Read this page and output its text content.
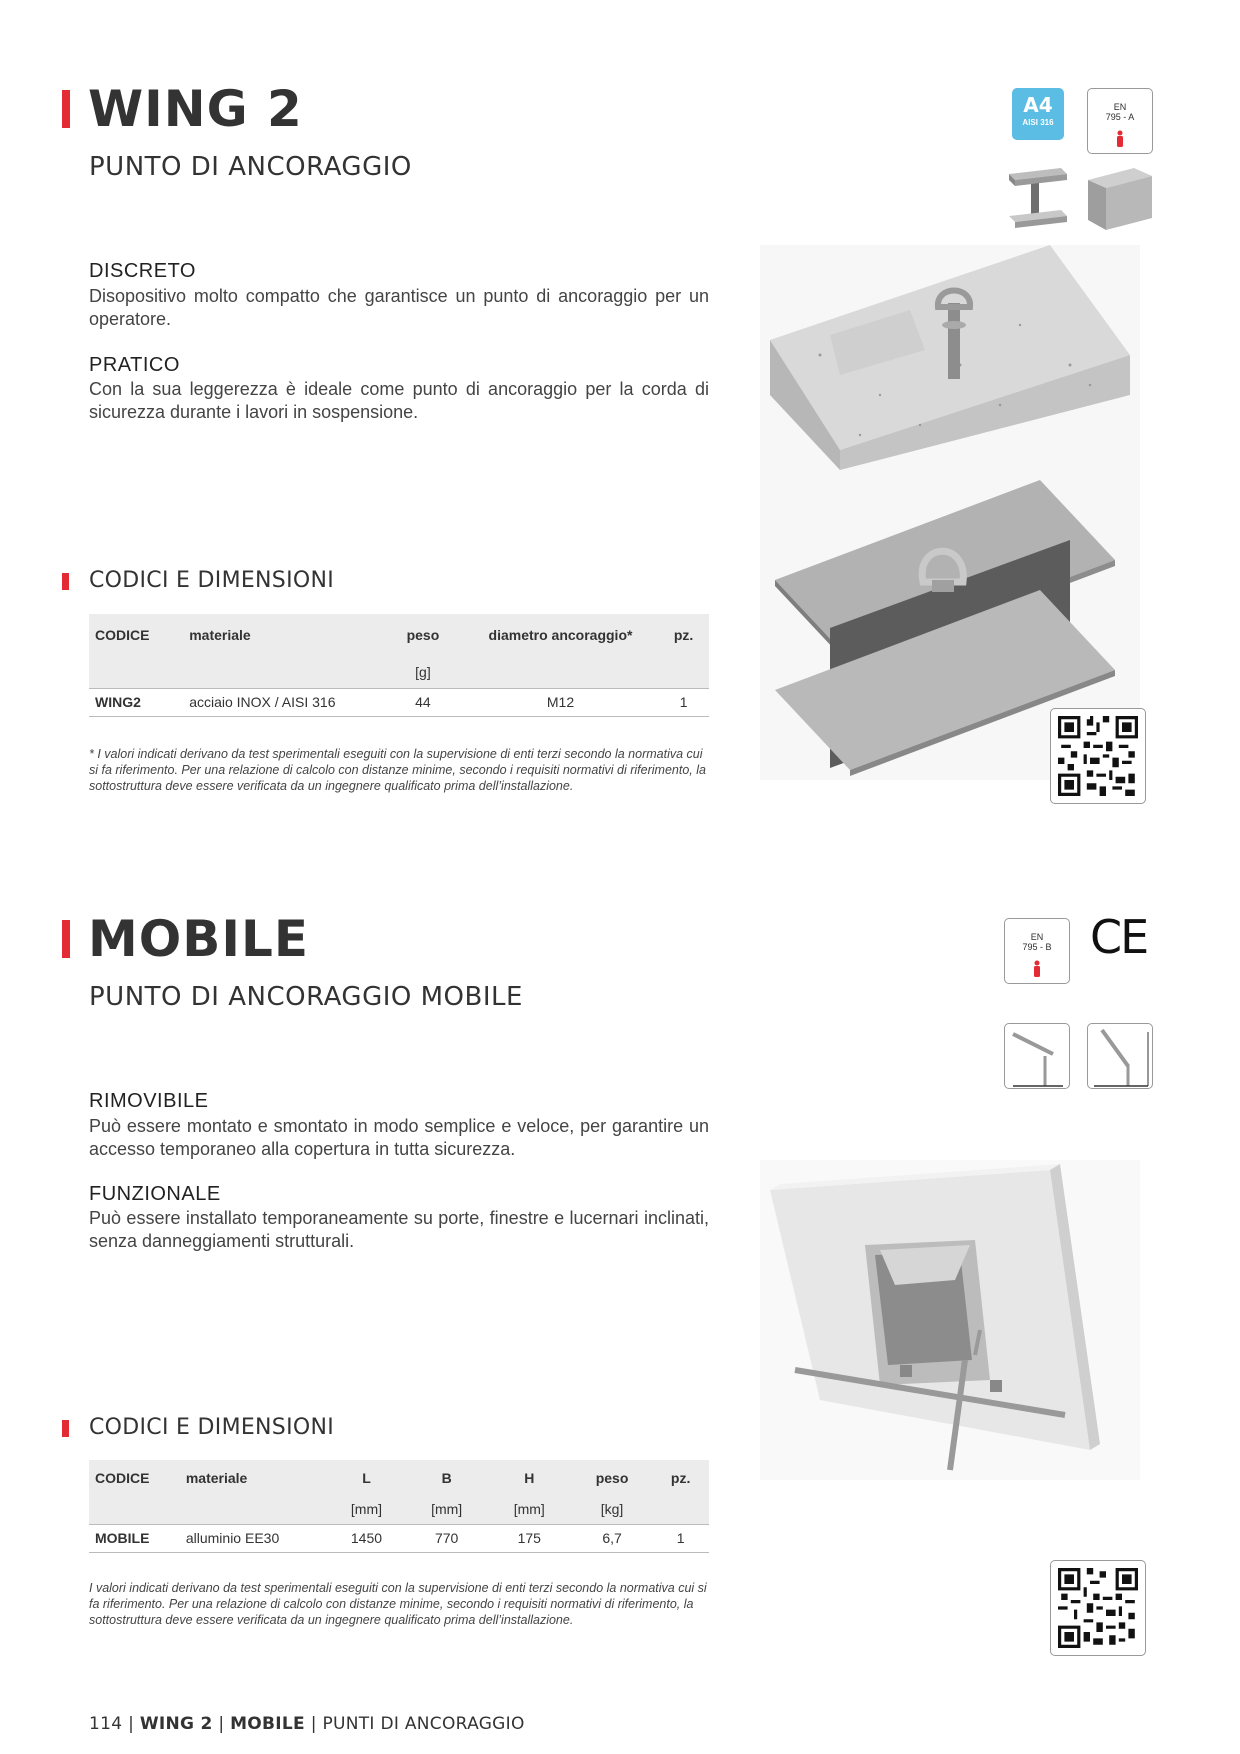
WING 2
PUNTO DI ANCORAGGIO
DISCRETO
Disopositivo molto compatto che garantisce un punto di ancoraggio per un operatore.
PRATICO
Con la sua leggerezza è ideale come punto di ancoraggio per la corda di sicurezza durante i lavori in sospensione.
CODICI E DIMENSIONI
CODICE	materiale	peso	diametro ancoraggio*	pz.
		[g]		
WING2	acciaio INOX / AISI 316	44	M12	1
* I valori indicati derivano da test sperimentali eseguiti con la supervisione di enti terzi secondo la normativa cui si fa riferimento. Per una relazione di calcolo con distanze minime, secondo i requisiti normativi di riferimento, la sottostruttura deve essere verificata da un ingegnere qualificato prima dell’installazione.
A4
AISI 316
EN
795 - A
MOBILE
PUNTO DI ANCORAGGIO MOBILE
RIMOVIBILE
Può essere montato e smontato in modo semplice e veloce, per garantire un accesso temporaneo alla copertura in tutta sicurezza.
FUNZIONALE
Può essere installato temporaneamente su porte, finestre e lucernari inclinati, senza danneggiamenti strutturali.
CODICI E DIMENSIONI
CODICE	materiale	L	B	H	peso	pz.
		[mm]	[mm]	[mm]	[kg]	
MOBILE	alluminio EE30	1450	770	175	6,7	1
I valori indicati derivano da test sperimentali eseguiti con la supervisione di enti terzi secondo la normativa cui si fa riferimento. Per una relazione di calcolo con distanze minime, secondo i requisiti normativi di riferimento, la sottostruttura deve essere verificata da un ingegnere qualificato prima dell’installazione.
EN
795 - B CE
114 | WING 2 | MOBILE | PUNTI DI ANCORAGGIO
